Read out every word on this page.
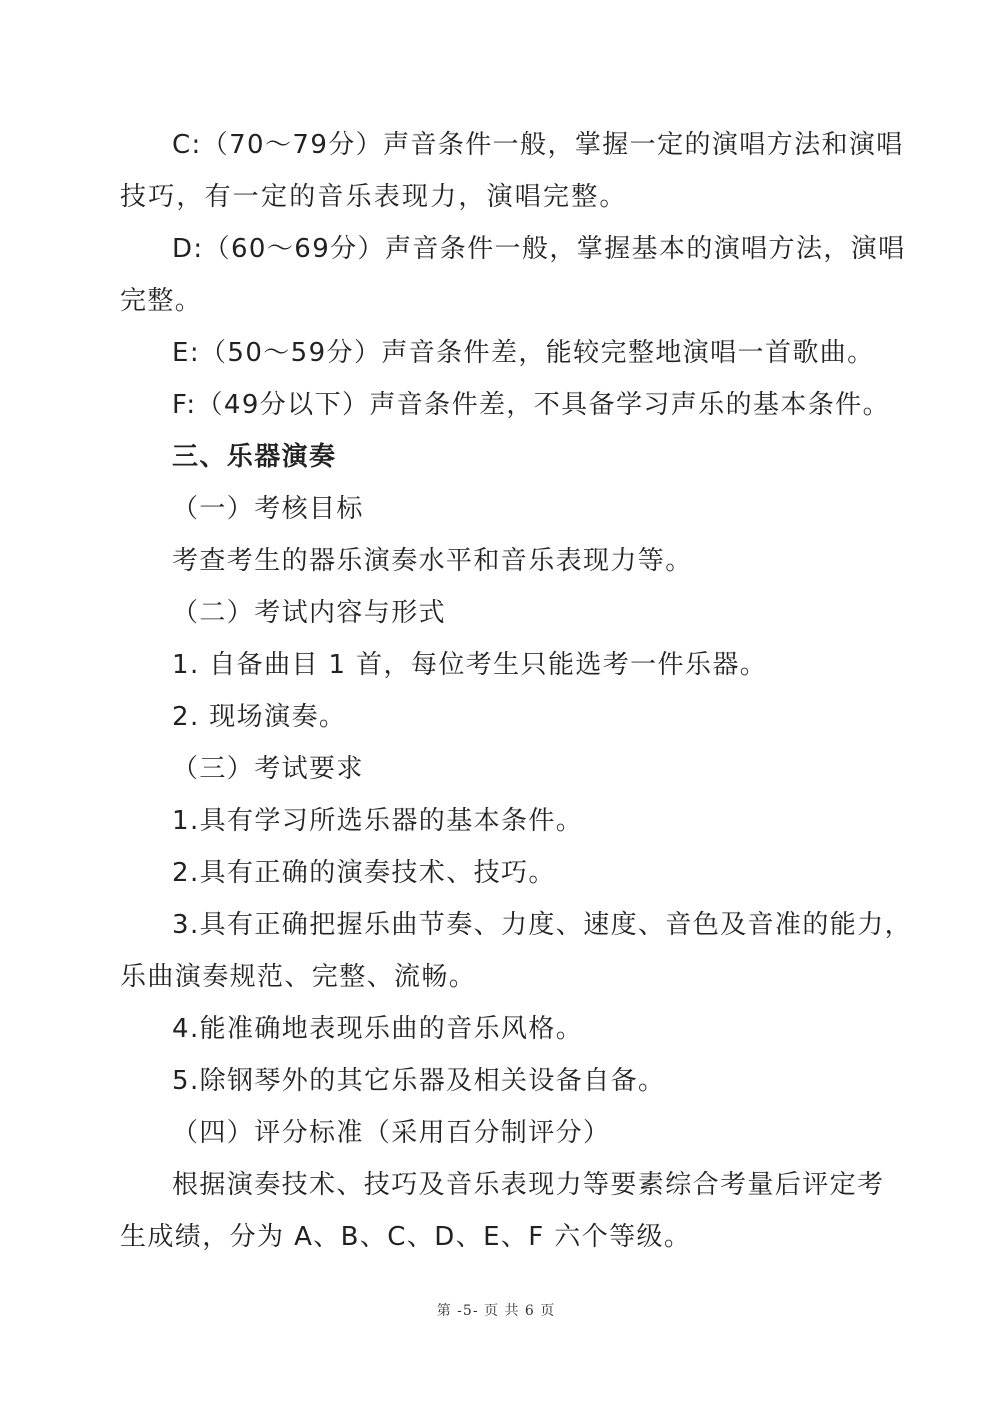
C:（70～79分）声音条件一般，掌握一定的演唱方法和演唱
技巧，有一定的音乐表现力，演唱完整。
D:（60～69分）声音条件一般，掌握基本的演唱方法，演唱
完整。
E:（50～59分）声音条件差，能较完整地演唱一首歌曲。
F:（49分以下）声音条件差，不具备学习声乐的基本条件。
三、乐器演奏
（一）考核目标
考查考生的器乐演奏水平和音乐表现力等。
（二）考试内容与形式
1. 自备曲目 1 首，每位考生只能选考一件乐器。
2. 现场演奏。
（三）考试要求
1.具有学习所选乐器的基本条件。
2.具有正确的演奏技术、技巧。
3.具有正确把握乐曲节奏、力度、速度、音色及音准的能力，
乐曲演奏规范、完整、流畅。
4.能准确地表现乐曲的音乐风格。
5.除钢琴外的其它乐器及相关设备自备。
（四）评分标准（采用百分制评分）
根据演奏技术、技巧及音乐表现力等要素综合考量后评定考
生成绩，分为 A、B、C、D、E、F 六个等级。
第 -5- 页 共 6 页
